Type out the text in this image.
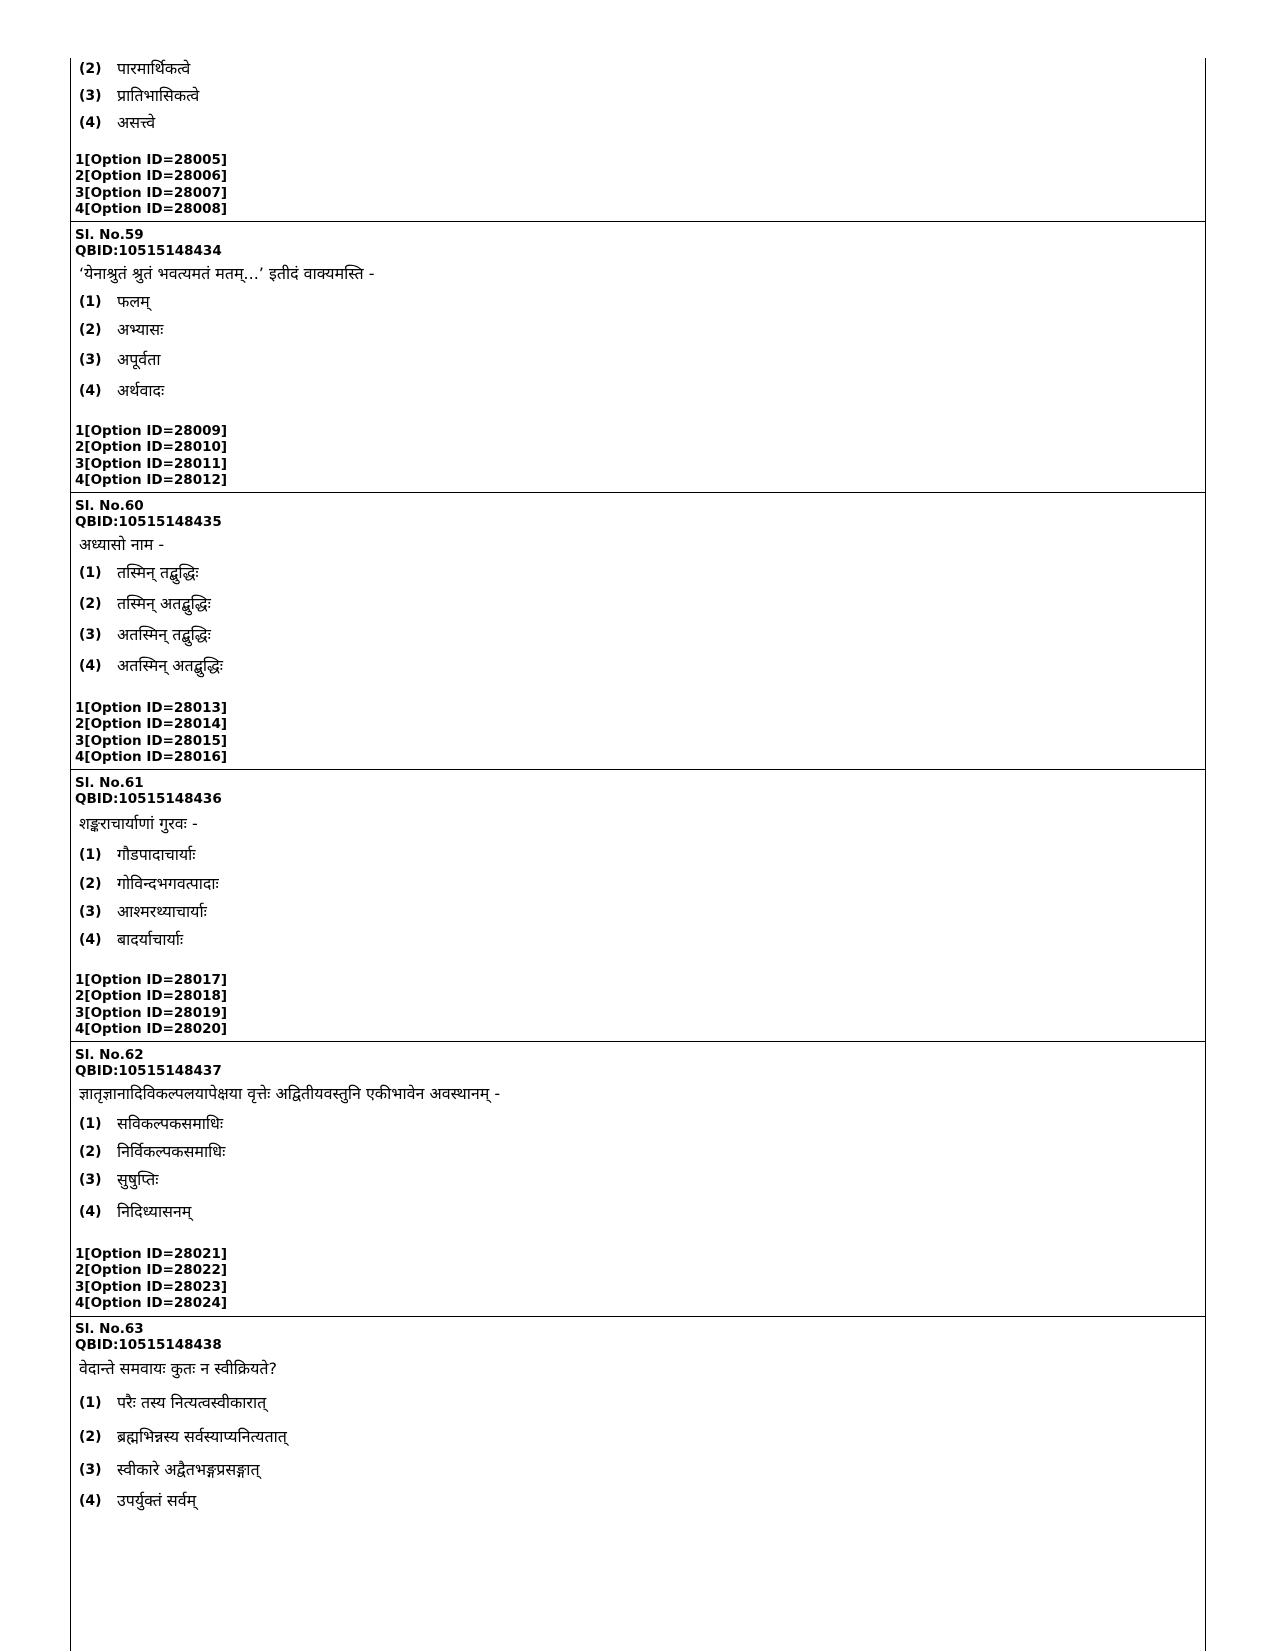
(2) पारमार्थिकत्वे
(3) प्रातिभासिकत्वे
(4) असत्त्वे
1[Option ID=28005]
2[Option ID=28006]
3[Option ID=28007]
4[Option ID=28008]
Sl. No.59
QBID:10515148434
‘येनाश्रुतं श्रुतं भवत्यमतं मतम्...’ इतीदं वाक्यमस्ति -
(1) फलम्
(2) अभ्यासः
(3) अपूर्वता
(4) अर्थवादः
1[Option ID=28009]
2[Option ID=28010]
3[Option ID=28011]
4[Option ID=28012]
Sl. No.60
QBID:10515148435
अध्यासो नाम -
(1) तस्मिन् तद्बुद्धिः
(2) तस्मिन् अतद्बुद्धिः
(3) अतस्मिन् तद्बुद्धिः
(4) अतस्मिन् अतद्बुद्धिः
1[Option ID=28013]
2[Option ID=28014]
3[Option ID=28015]
4[Option ID=28016]
Sl. No.61
QBID:10515148436
शङ्कराचार्याणां गुरवः -
(1) गौडपादाचार्याः
(2) गोविन्दभगवत्पादाः
(3) आश्मरथ्याचार्याः
(4) बादर्याचार्याः
1[Option ID=28017]
2[Option ID=28018]
3[Option ID=28019]
4[Option ID=28020]
Sl. No.62
QBID:10515148437
ज्ञातृज्ञानादिविकल्पलयापेक्षया वृत्तेः अद्वितीयवस्तुनि एकीभावेन अवस्थानम् -
(1) सविकल्पकसमाधिः
(2) निर्विकल्पकसमाधिः
(3) सुषुप्तिः
(4) निदिध्यासनम्
1[Option ID=28021]
2[Option ID=28022]
3[Option ID=28023]
4[Option ID=28024]
Sl. No.63
QBID:10515148438
वेदान्ते समवायः कुतः न स्वीक्रियते?
(1) परैः तस्य नित्यत्वस्वीकारात्
(2) ब्रह्मभिन्नस्य सर्वस्याप्यनित्यतात्
(3) स्वीकारे अद्वैतभङ्गप्रसङ्गात्
(4) उपर्युक्तं सर्वम्
